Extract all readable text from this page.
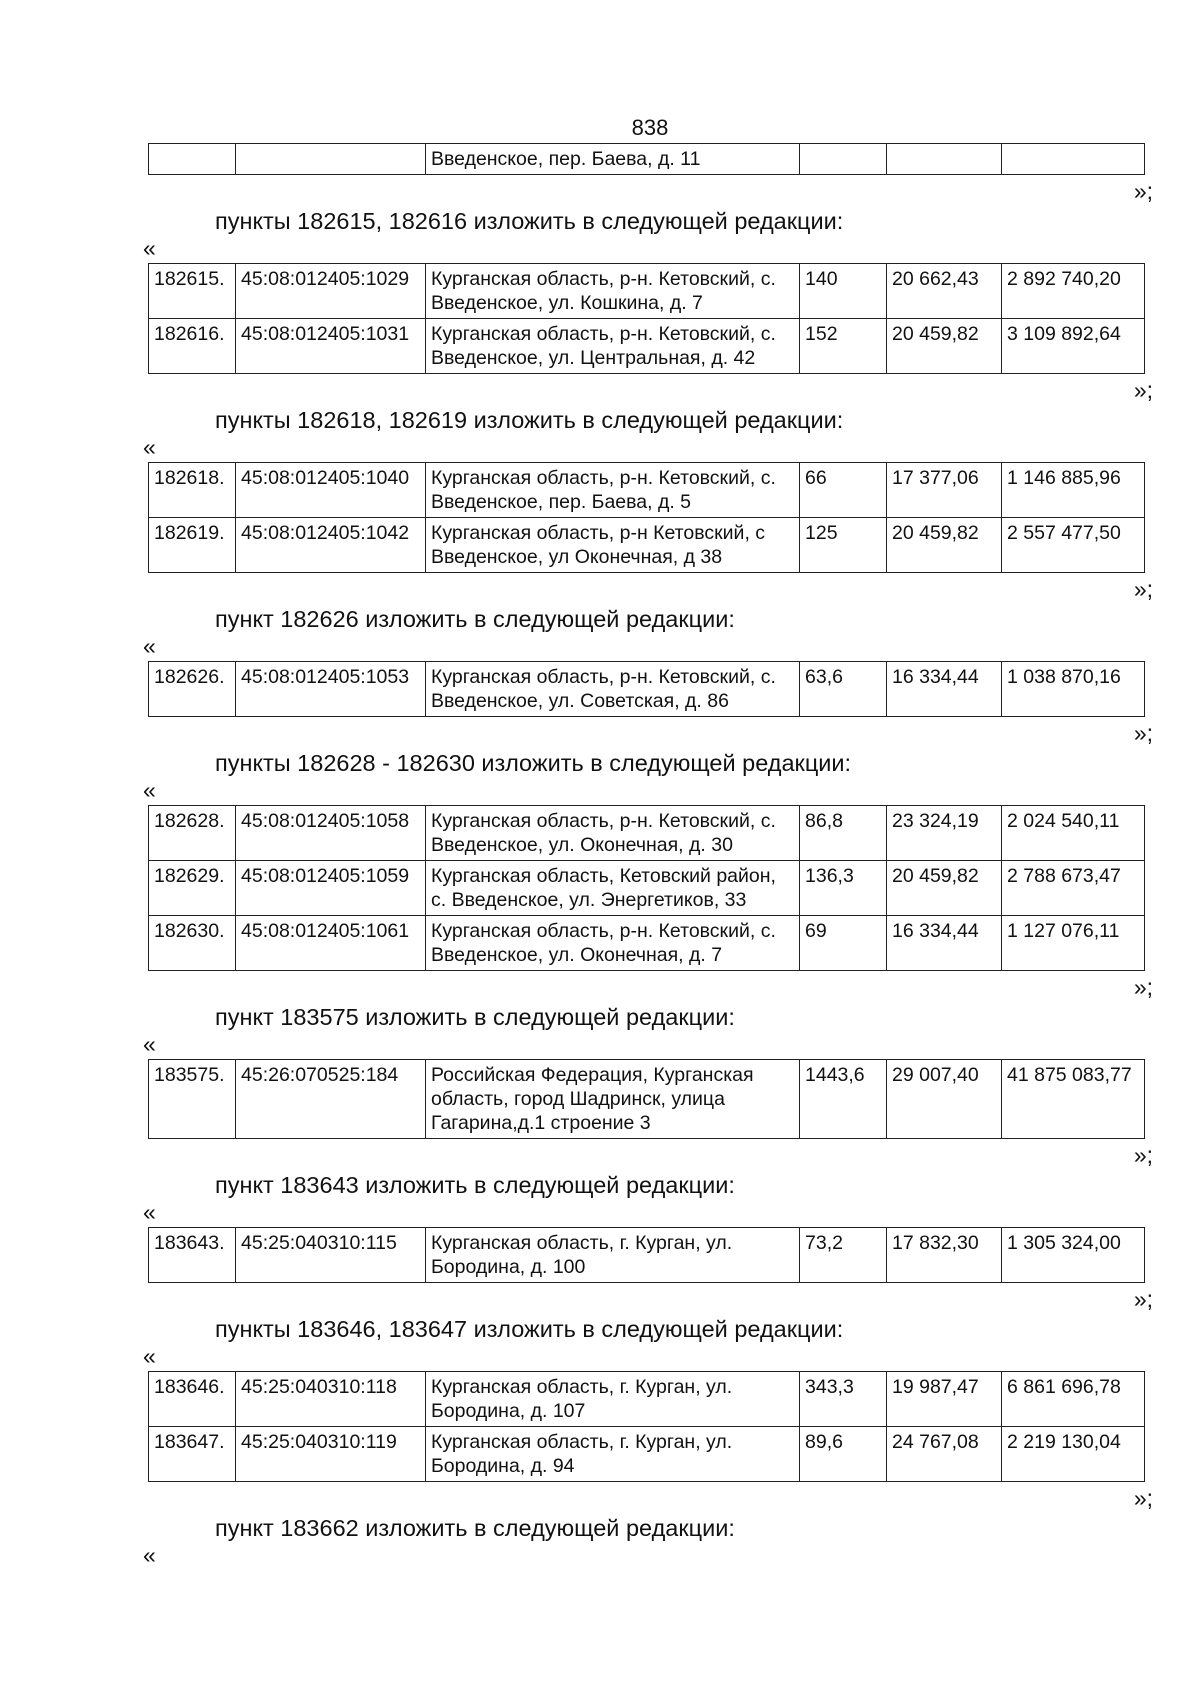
838
		Введенское, пер. Баева, д. 11			
»;
пункты 182615, 182616 изложить в следующей редакции:
«
182615.	45:08:012405:1029	Курганская область, р-н. Кетовский, с. Введенское, ул. Кошкина, д. 7	140	20 662,43	2 892 740,20
182616.	45:08:012405:1031	Курганская область, р-н. Кетовский, с. Введенское, ул. Центральная, д. 42	152	20 459,82	3 109 892,64
»;
пункты 182618, 182619 изложить в следующей редакции:
«
182618.	45:08:012405:1040	Курганская область, р-н. Кетовский, с. Введенское, пер. Баева, д. 5	66	17 377,06	1 146 885,96
182619.	45:08:012405:1042	Курганская область, р-н Кетовский, с Введенское, ул Оконечная, д 38	125	20 459,82	2 557 477,50
»;
пункт 182626 изложить в следующей редакции:
«
182626.	45:08:012405:1053	Курганская область, р-н. Кетовский, с. Введенское, ул. Советская, д. 86	63,6	16 334,44	1 038 870,16
»;
пункты 182628 - 182630 изложить в следующей редакции:
«
182628.	45:08:012405:1058	Курганская область, р-н. Кетовский, с. Введенское, ул. Оконечная, д. 30	86,8	23 324,19	2 024 540,11
182629.	45:08:012405:1059	Курганская область, Кетовский район, с. Введенское, ул. Энергетиков, 33	136,3	20 459,82	2 788 673,47
182630.	45:08:012405:1061	Курганская область, р-н. Кетовский, с. Введенское, ул. Оконечная, д. 7	69	16 334,44	1 127 076,11
»;
пункт 183575 изложить в следующей редакции:
«
183575.	45:26:070525:184	Российская Федерация, Курганская область, город Шадринск, улица Гагарина,д.1 строение 3	1443,6	29 007,40	41 875 083,77
»;
пункт 183643 изложить в следующей редакции:
«
183643.	45:25:040310:115	Курганская область, г. Курган, ул. Бородина, д. 100	73,2	17 832,30	1 305 324,00
»;
пункты 183646, 183647 изложить в следующей редакции:
«
183646.	45:25:040310:118	Курганская область, г. Курган, ул. Бородина, д. 107	343,3	19 987,47	6 861 696,78
183647.	45:25:040310:119	Курганская область, г. Курган, ул. Бородина, д. 94	89,6	24 767,08	2 219 130,04
»;
пункт 183662 изложить в следующей редакции:
«
